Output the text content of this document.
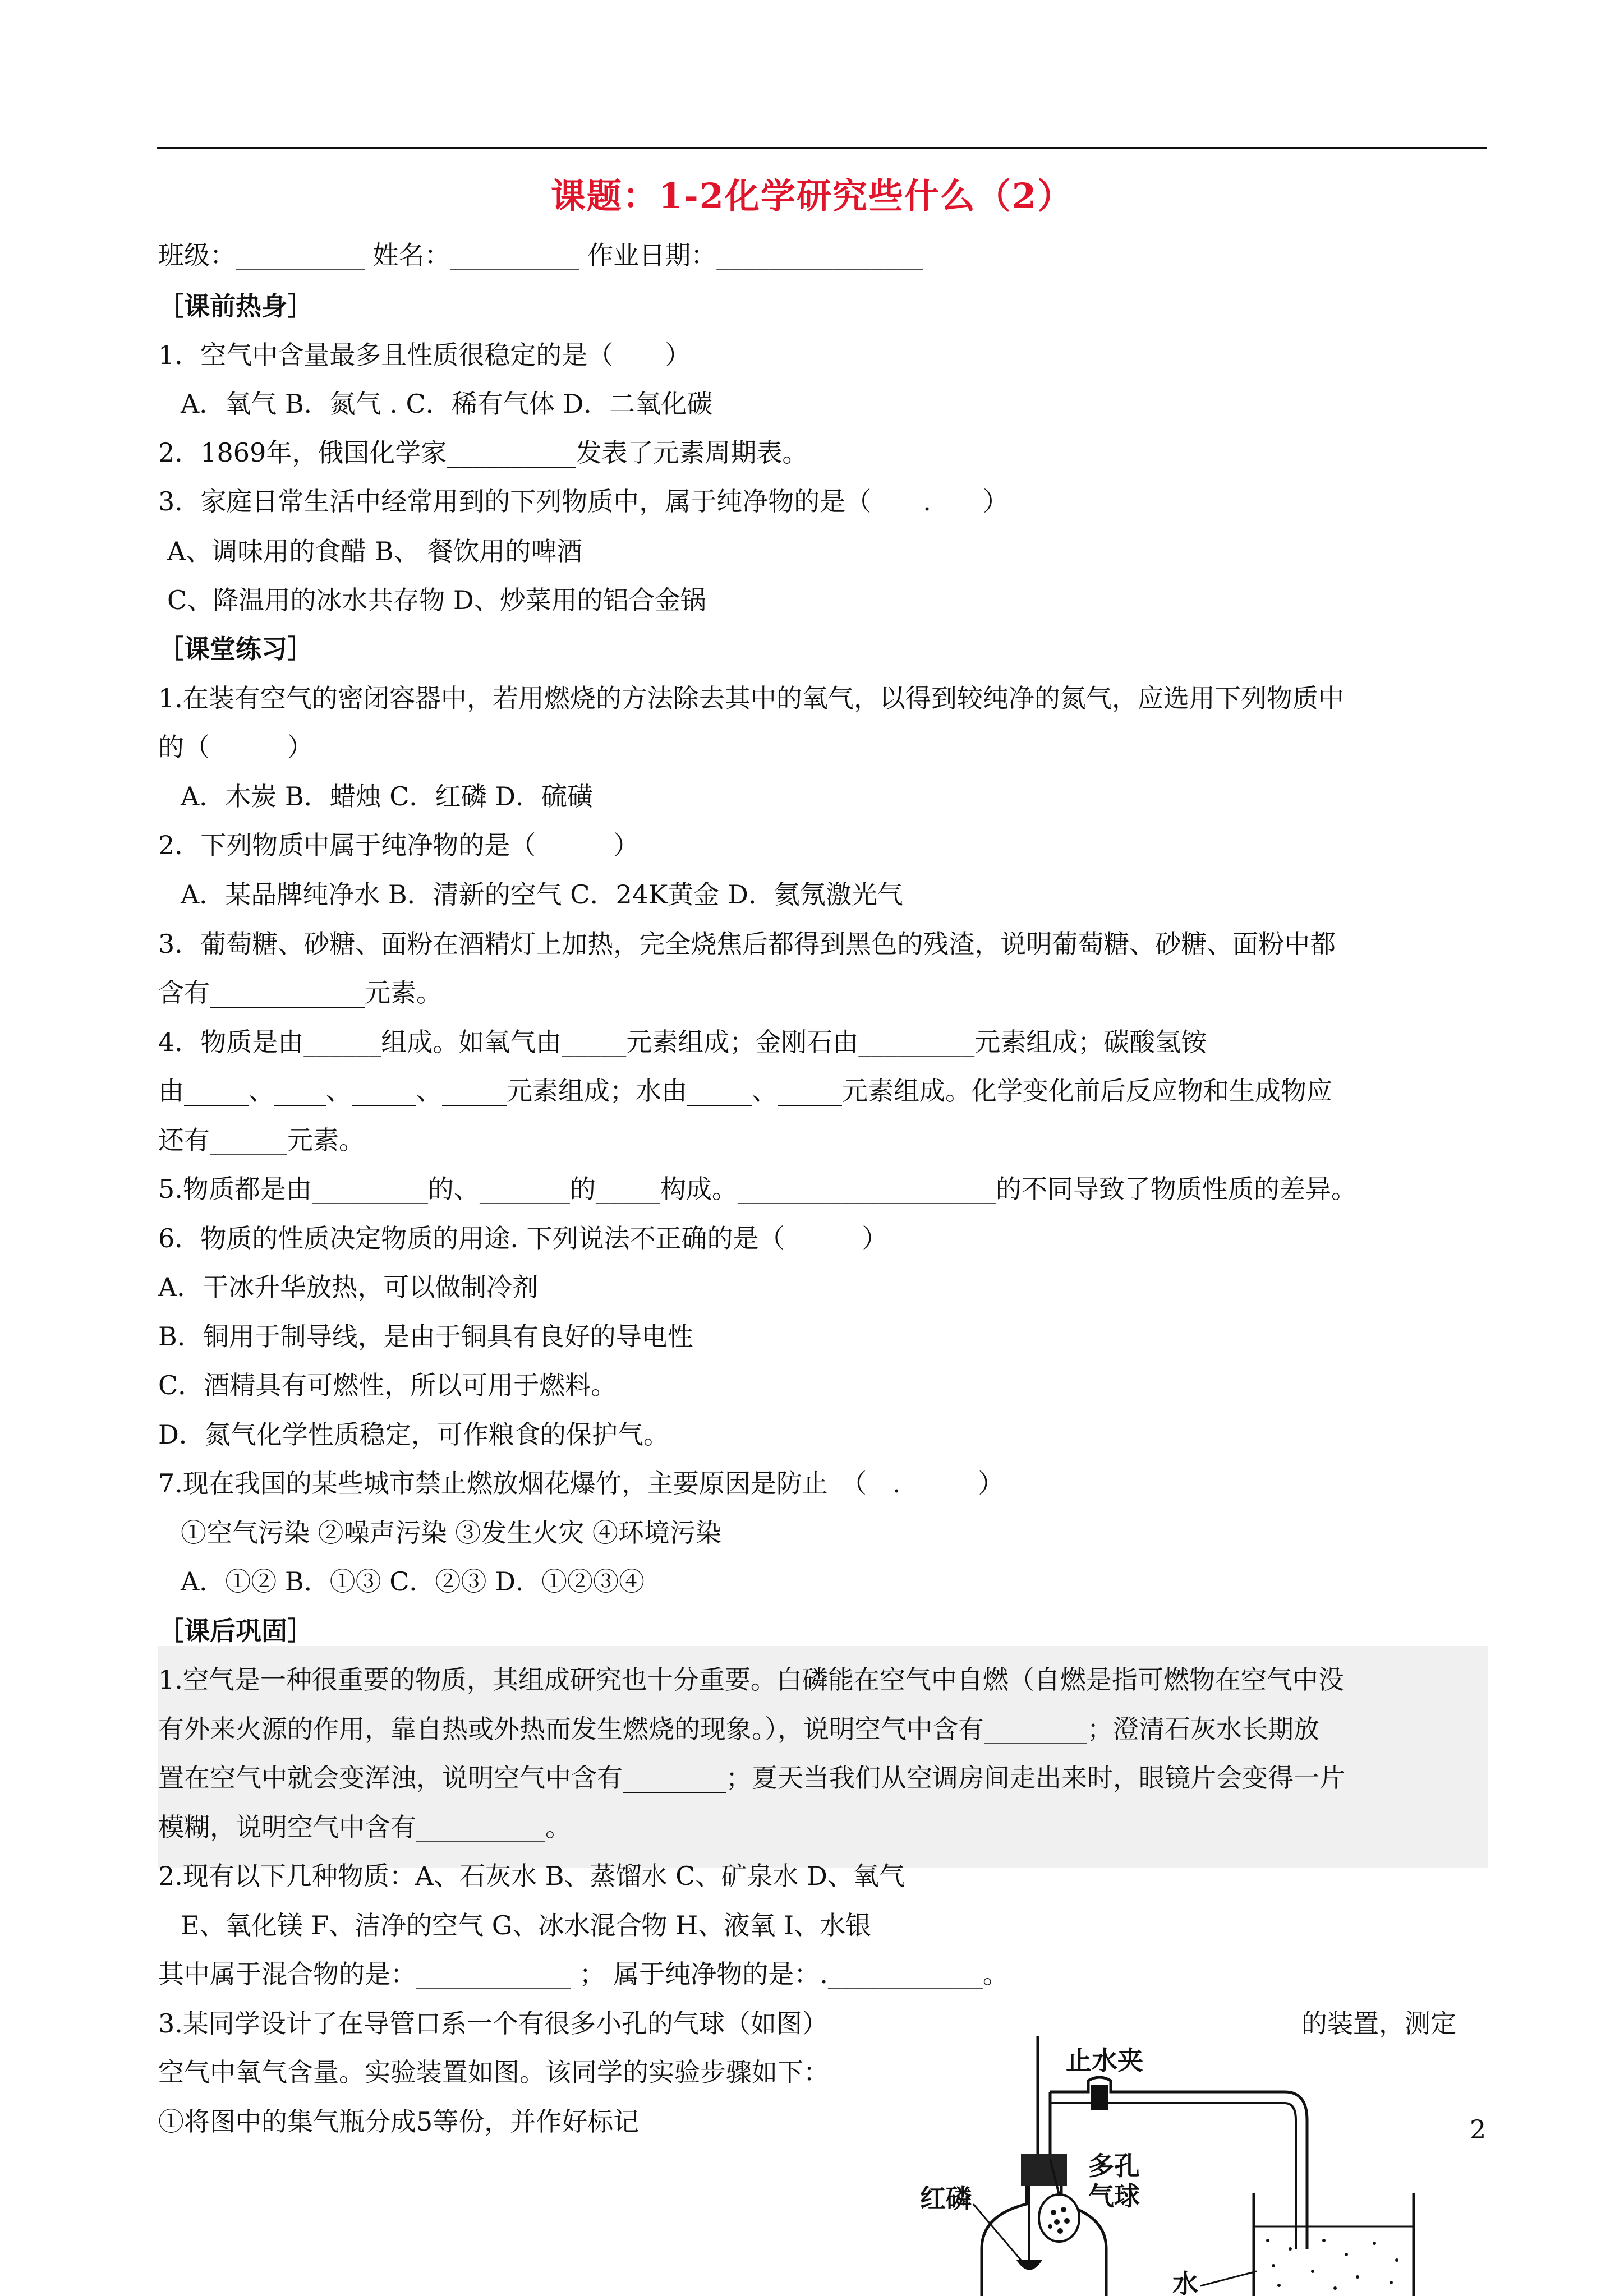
课题：1-2化学研究些什么（2）
班级：__________ 姓名：__________ 作业日期：________________
［课前热身］
1．空气中含量最多且性质很稳定的是（　　）
A．氧气 B．氮气 . C．稀有气体 D．二氧化碳
2．1869年，俄国化学家__________发表了元素周期表。
3．家庭日常生活中经常用到的下列物质中，属于纯净物的是（　　.　　）
A、调味用的食醋 B、 餐饮用的啤酒
C、降温用的冰水共存物 D、炒菜用的铝合金锅
［课堂练习］
1.在装有空气的密闭容器中，若用燃烧的方法除去其中的氧气，以得到较纯净的氮气，应选用下列物质中
的（　　　）
A．木炭 B．蜡烛 C．红磷 D．硫磺
2．下列物质中属于纯净物的是（　　　）
A．某品牌纯净水 B．清新的空气 C．24K黄金 D．氦氖激光气
3．葡萄糖、砂糖、面粉在酒精灯上加热，完全烧焦后都得到黑色的残渣，说明葡萄糖、砂糖、面粉中都
含有____________元素。
4．物质是由______组成。如氧气由_____元素组成；金刚石由_________元素组成；碳酸氢铵
由_____、____、_____、_____元素组成；水由_____、_____元素组成。化学变化前后反应物和生成物应
还有______元素。
5.物质都是由_________的、_______的_____构成。____________________的不同导致了物质性质的差异。
6．物质的性质决定物质的用途. 下列说法不正确的是（　　　）
A．干冰升华放热，可以做制冷剂
B．铜用于制导线，是由于铜具有良好的导电性
C．酒精具有可燃性，所以可用于燃料。
D．氮气化学性质稳定，可作粮食的保护气。
7.现在我国的某些城市禁止燃放烟花爆竹，主要原因是防止　（　.　　　）
①空气污染 ②噪声污染 ③发生火灾 ④环境污染
A．①② B．①③ C．②③ D．①②③④
［课后巩固］
1.空气是一种很重要的物质，其组成研究也十分重要。白磷能在空气中自燃（自燃是指可燃物在空气中没
有外来火源的作用，靠自热或外热而发生燃烧的现象。），说明空气中含有________；澄清石灰水长期放
置在空气中就会变浑浊，说明空气中含有________；夏天当我们从空调房间走出来时，眼镜片会变得一片
模糊，说明空气中含有__________。
2.现有以下几种物质：A、石灰水 B、蒸馏水 C、矿泉水 D、氧气
E、氧化镁 F、洁净的空气 G、冰水混合物 H、液氧 I、水银
其中属于混合物的是：____________ ； 属于纯净物的是：.____________。
3.某同学设计了在导管口系一个有很多小孔的气球（如图）	的装置，测定
空气中氧气含量。实验装置如图。该同学的实验步骤如下：
①将图中的集气瓶分成5等份，并作好标记	2
止水夹
多孔
气球
红磷
水
